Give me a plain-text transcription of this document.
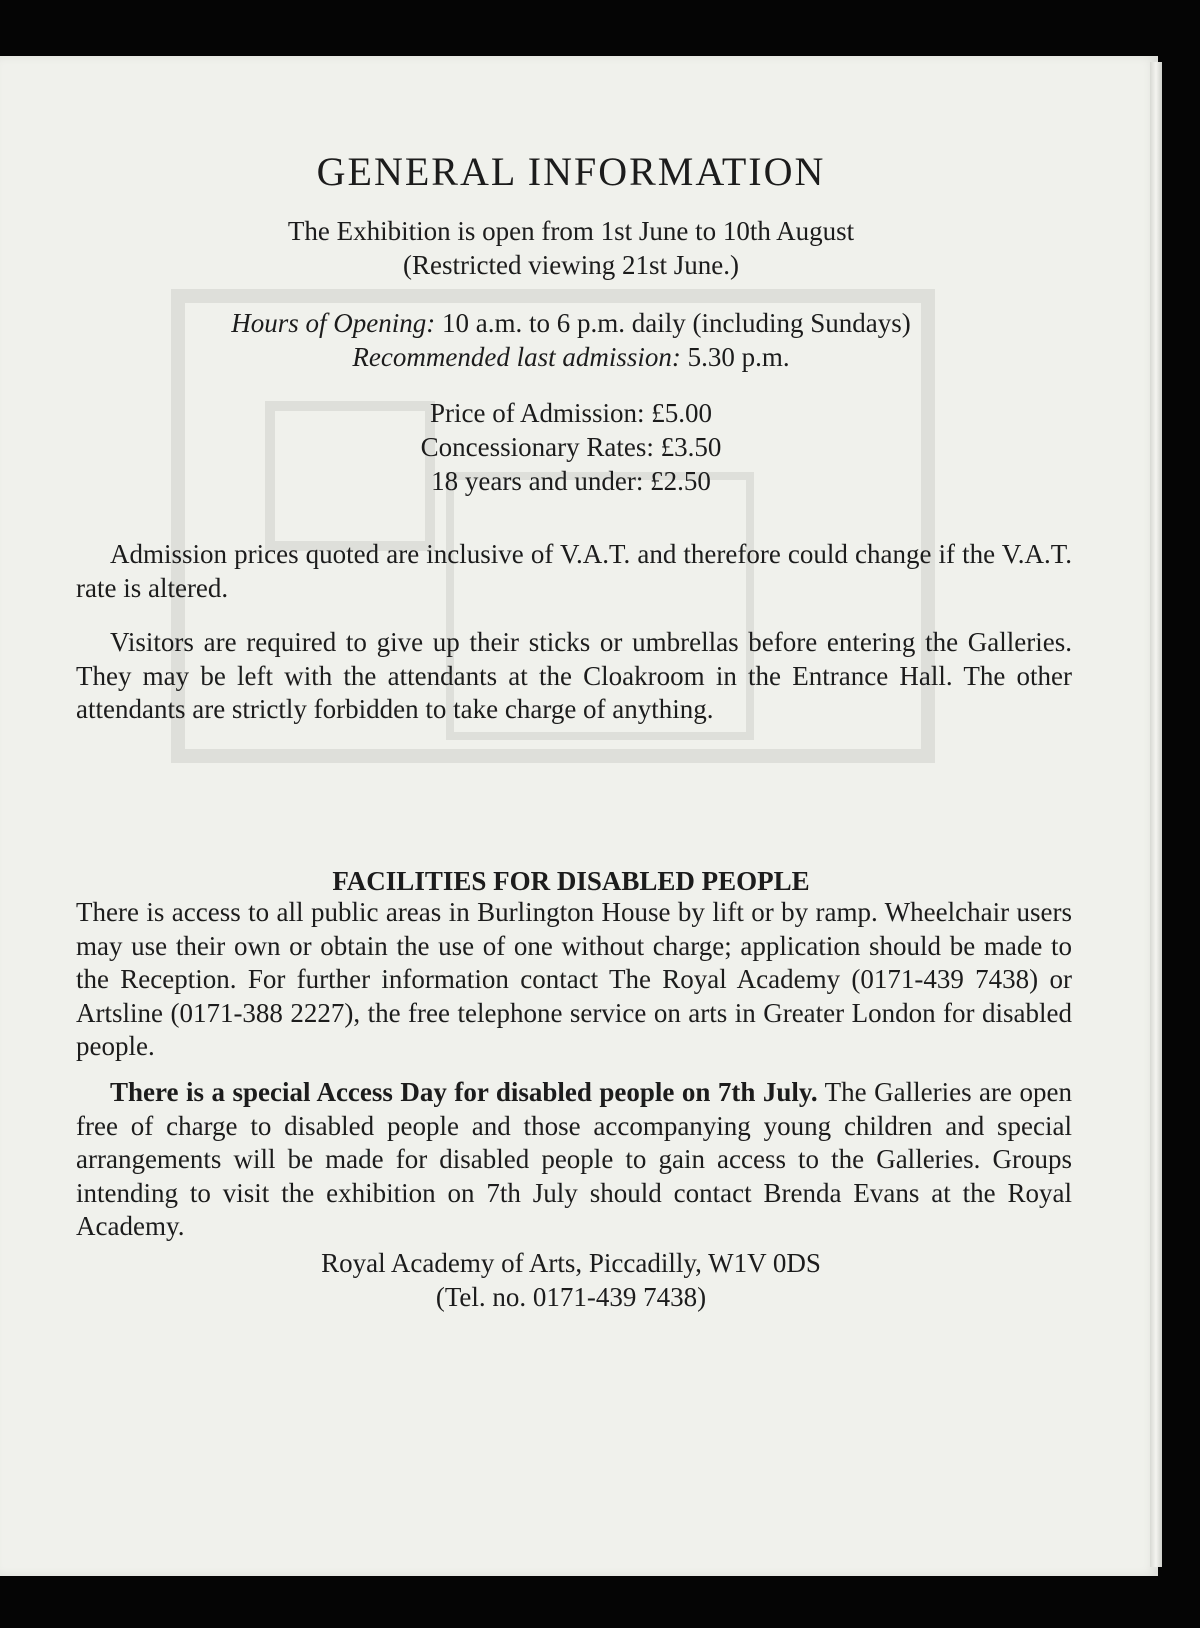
GENERAL INFORMATION
The Exhibition is open from 1st June to 10th August
(Restricted viewing 21st June.)
Hours of Opening: 10 a.m. to 6 p.m. daily (including Sundays)
Recommended last admission: 5.30 p.m.
Price of Admission: £5.00
Concessionary Rates: £3.50
18 years and under: £2.50

Admission prices quoted are inclusive of V.A.T. and therefore could change if the V.A.T. rate is altered.

Visitors are required to give up their sticks or umbrellas before entering the Galleries. They may be left with the attendants at the Cloakroom in the Entrance Hall. The other attendants are strictly forbidden to take charge of anything.

FACILITIES FOR DISABLED PEOPLE

There is access to all public areas in Burlington House by lift or by ramp. Wheelchair users may use their own or obtain the use of one without charge; application should be made to the Reception. For further information contact The Royal Academy (0171-439 7438) or Artsline (0171-388 2227), the free telephone service on arts in Greater London for disabled people.

There is a special Access Day for disabled people on 7th July. The Galleries are open free of charge to disabled people and those accompanying young children and special arrangements will be made for disabled people to gain access to the Galleries. Groups intending to visit the exhibition on 7th July should contact Brenda Evans at the Royal Academy.

Royal Academy of Arts, Piccadilly, W1V 0DS
(Tel. no. 0171-439 7438)
